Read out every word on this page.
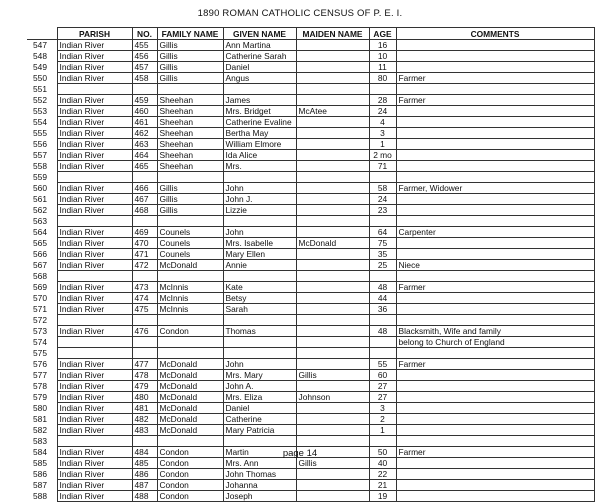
1890 ROMAN CATHOLIC CENSUS OF P. E. I.
	PARISH	NO.	FAMILY NAME	GIVEN NAME	MAIDEN NAME	AGE	COMMENTS
547	Indian River	455	Gillis	Ann Martina		16	
548	Indian River	456	Gillis	Catherine Sarah		10	
549	Indian River	457	Gillis	Daniel		11	
550	Indian River	458	Gillis	Angus		80	Farmer
551							
552	Indian River	459	Sheehan	James		28	Farmer
553	Indian River	460	Sheehan	Mrs. Bridget	McAtee	24	
554	Indian River	461	Sheehan	Catherine Evaline		4	
555	Indian River	462	Sheehan	Bertha May		3	
556	Indian River	463	Sheehan	William Elmore		1	
557	Indian River	464	Sheehan	Ida Alice		2 mo	
558	Indian River	465	Sheehan	Mrs.		71	
559							
560	Indian River	466	Gillis	John		58	Farmer, Widower
561	Indian River	467	Gillis	John J.		24	
562	Indian River	468	Gillis	Lizzie		23	
563							
564	Indian River	469	Counels	John		64	Carpenter
565	Indian River	470	Counels	Mrs. Isabelle	McDonald	75	
566	Indian River	471	Counels	Mary Ellen		35	
567	Indian River	472	McDonald	Annie		25	Niece
568							
569	Indian River	473	McInnis	Kate		48	Farmer
570	Indian River	474	McInnis	Betsy		44	
571	Indian River	475	McInnis	Sarah		36	
572							
573	Indian River	476	Condon	Thomas		48	Blacksmith, Wife and family
574							belong to Church of England
575							
576	Indian River	477	McDonald	John		55	Farmer
577	Indian River	478	McDonald	Mrs. Mary	Gillis	60	
578	Indian River	479	McDonald	John A.		27	
579	Indian River	480	McDonald	Mrs. Eliza	Johnson	27	
580	Indian River	481	McDonald	Daniel		3	
581	Indian River	482	McDonald	Catherine		2	
582	Indian River	483	McDonald	Mary Patricia		1	
583							
584	Indian River	484	Condon	Martin		50	Farmer
585	Indian River	485	Condon	Mrs. Ann	Gillis	40	
586	Indian River	486	Condon	John Thomas		22	
587	Indian River	487	Condon	Johanna		21	
588	Indian River	488	Condon	Joseph		19	
page 14
